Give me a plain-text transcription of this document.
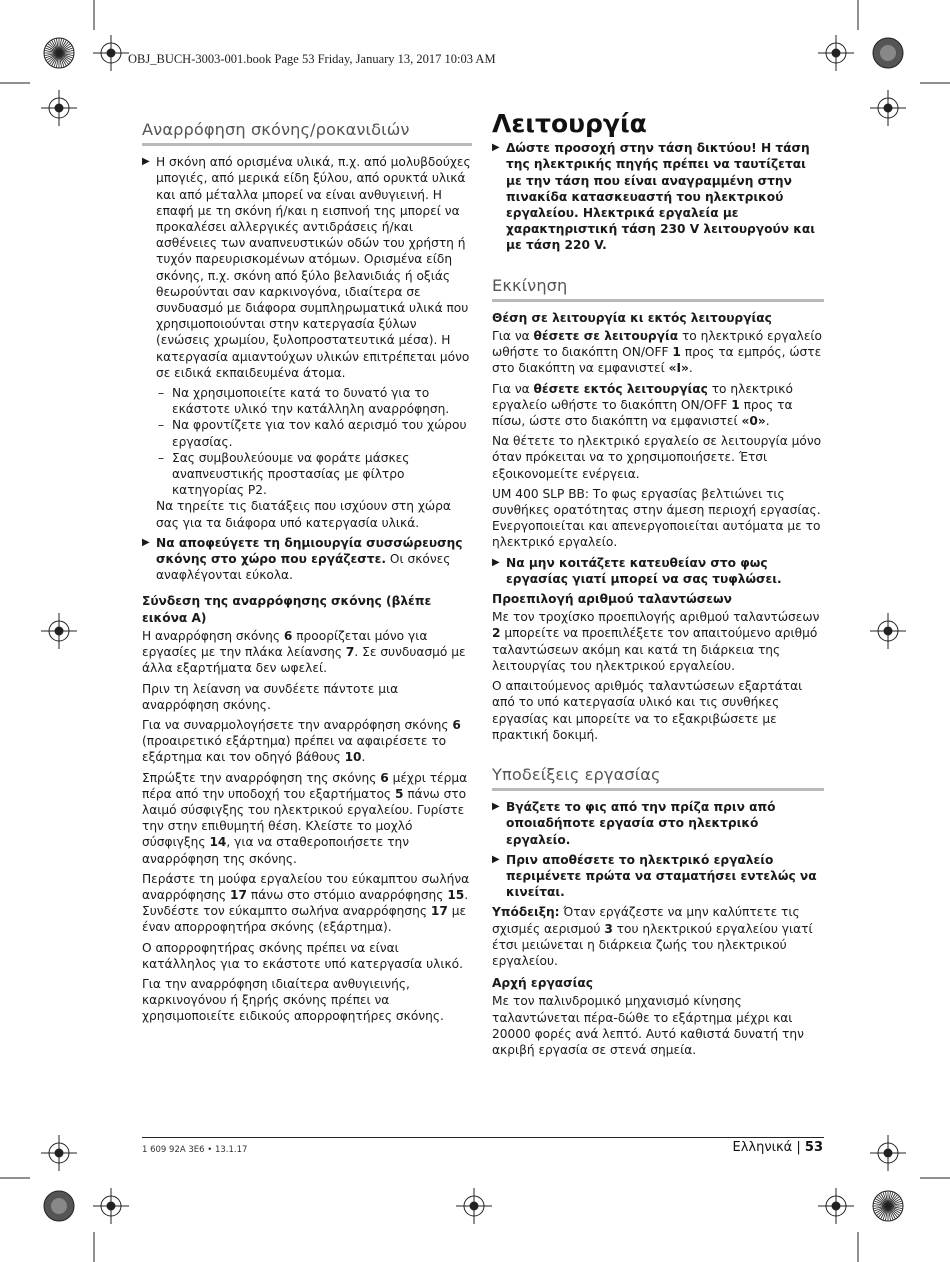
OBJ_BUCH-3003-001.book Page 53 Friday, January 13, 2017 10:03 AM
Αναρρόφηση σκόνης/ροκανιδιών
▶ Η σκόνη από ορισμένα υλικά, π.χ. από μολυβδούχες μπογιές, από μερικά είδη ξύλου, από ορυκτά υλικά και από μέταλλα μπορεί να είναι ανθυγιεινή. Η επαφή με τη σκόνη ή/και η εισπνοή της μπορεί να προκαλέσει αλλεργικές αντιδράσεις ή/και ασθένειες των αναπνευστικών οδών του χρήστη ή τυχόν παρευρισκομένων ατόμων. Ορισμένα είδη σκόνης, π.χ. σκόνη από ξύλο βελανιδιάς ή οξιάς θεωρούνται σαν καρκινογόνα, ιδιαίτερα σε συνδυασμό με διάφορα συμπληρωματικά υλικά που χρησιμοποιούνται στην κατεργασία ξύλων (ενώσεις χρωμίου, ξυλοπροστατευτικά μέσα). Η κατεργασία αμιαντούχων υλικών επιτρέπεται μόνο σε ειδικά εκπαιδευμένα άτομα.
– Να χρησιμοποιείτε κατά το δυνατό για το εκάστοτε υλικό την κατάλληλη αναρρόφηση.
– Να φροντίζετε για τον καλό αερισμό του χώρου εργασίας.
– Σας συμβουλεύουμε να φοράτε μάσκες αναπνευστικής προστασίας με φίλτρο κατηγορίας P2.
Να τηρείτε τις διατάξεις που ισχύουν στη χώρα σας για τα διάφορα υπό κατεργασία υλικά.
▶ Να αποφεύγετε τη δημιουργία συσσώρευσης σκόνης στο χώρο που εργάζεστε. Οι σκόνες αναφλέγονται εύκολα.
Σύνδεση της αναρρόφησης σκόνης (βλέπε εικόνα A)

Η αναρρόφηση σκόνης 6 προορίζεται μόνο για εργασίες με την πλάκα λείανσης 7. Σε συνδυασμό με άλλα εξαρτήματα δεν ωφελεί.

Πριν τη λείανση να συνδέετε πάντοτε μια αναρρόφηση σκόνης.

Για να συναρμολογήσετε την αναρρόφηση σκόνης 6 (προαιρετικό εξάρτημα) πρέπει να αφαιρέσετε το εξάρτημα και τον οδηγό βάθους 10.

Σπρώξτε την αναρρόφηση της σκόνης 6 μέχρι τέρμα πέρα από την υποδοχή του εξαρτήματος 5 πάνω στο λαιμό σύσφιγξης του ηλεκτρικού εργαλείου. Γυρίστε την στην επιθυμητή θέση. Κλείστε το μοχλό σύσφιγξης 14, για να σταθεροποιήσετε την αναρρόφηση της σκόνης.

Περάστε τη μούφα εργαλείου του εύκαμπτου σωλήνα αναρρόφησης 17 πάνω στο στόμιο αναρρόφησης 15. Συνδέστε τον εύκαμπτο σωλήνα αναρρόφησης 17 με έναν απορροφητήρα σκόνης (εξάρτημα).

Ο απορροφητήρας σκόνης πρέπει να είναι κατάλληλος για το εκάστοτε υπό κατεργασία υλικό.

Για την αναρρόφηση ιδιαίτερα ανθυγιεινής, καρκινογόνου ή ξηρής σκόνης πρέπει να χρησιμοποιείτε ειδικούς απορροφητήρες σκόνης.

Λειτουργία
▶ Δώστε προσοχή στην τάση δικτύου! Η τάση της ηλεκτρικής πηγής πρέπει να ταυτίζεται με την τάση που είναι αναγραμμένη στην πινακίδα κατασκευαστή του ηλεκτρικού εργαλείου. Ηλεκτρικά εργαλεία με χαρακτηριστική τάση 230 V λειτουργούν και με τάση 220 V.
Εκκίνηση
Θέση σε λειτουργία κι εκτός λειτουργίας

Για να θέσετε σε λειτουργία το ηλεκτρικό εργαλείο ωθήστε το διακόπτη ON/OFF 1 προς τα εμπρός, ώστε στο διακόπτη να εμφανιστεί «I».

Για να θέσετε εκτός λειτουργίας το ηλεκτρικό εργαλείο ωθήστε το διακόπτη ON/OFF 1 προς τα πίσω, ώστε στο διακόπτη να εμφανιστεί «0».

Να θέτετε το ηλεκτρικό εργαλείο σε λειτουργία μόνο όταν πρόκειται να το χρησιμοποιήσετε. Έτσι εξοικονομείτε ενέργεια.

UM 400 SLP BB: Το φως εργασίας βελτιώνει τις συνθήκες ορατότητας στην άμεση περιοχή εργασίας. Ενεργοποιείται και απενεργοποιείται αυτόματα με το ηλεκτρικό εργαλείο.

▶ Να μην κοιτάζετε κατευθείαν στο φως εργασίας γιατί μπορεί να σας τυφλώσει.
Προεπιλογή αριθμού ταλαντώσεων

Με τον τροχίσκο προεπιλογής αριθμού ταλαντώσεων 2 μπορείτε να προεπιλέξετε τον απαιτούμενο αριθμό ταλαντώσεων ακόμη και κατά τη διάρκεια της λειτουργίας του ηλεκτρικού εργαλείου.

Ο απαιτούμενος αριθμός ταλαντώσεων εξαρτάται από το υπό κατεργασία υλικό και τις συνθήκες εργασίας και μπορείτε να το εξακριβώσετε με πρακτική δοκιμή.

Υποδείξεις εργασίας
▶ Βγάζετε το φις από την πρίζα πριν από οποιαδήποτε εργασία στο ηλεκτρικό εργαλείο.
▶ Πριν αποθέσετε το ηλεκτρικό εργαλείο περιμένετε πρώτα να σταματήσει εντελώς να κινείται.

Υπόδειξη: Όταν εργάζεστε να μην καλύπτετε τις σχισμές αερισμού 3 του ηλεκτρικού εργαλείου γιατί έτσι μειώνεται η διάρκεια ζωής του ηλεκτρικού εργαλείου.

Αρχή εργασίας

Με τον παλινδρομικό μηχανισμό κίνησης ταλαντώνεται πέρα-δώθε το εξάρτημα μέχρι και 20000 φορές ανά λεπτό. Αυτό καθιστά δυνατή την ακριβή εργασία σε στενά σημεία.

1 609 92A 3E6 • 13.1.17	Ελληνικά | 53
